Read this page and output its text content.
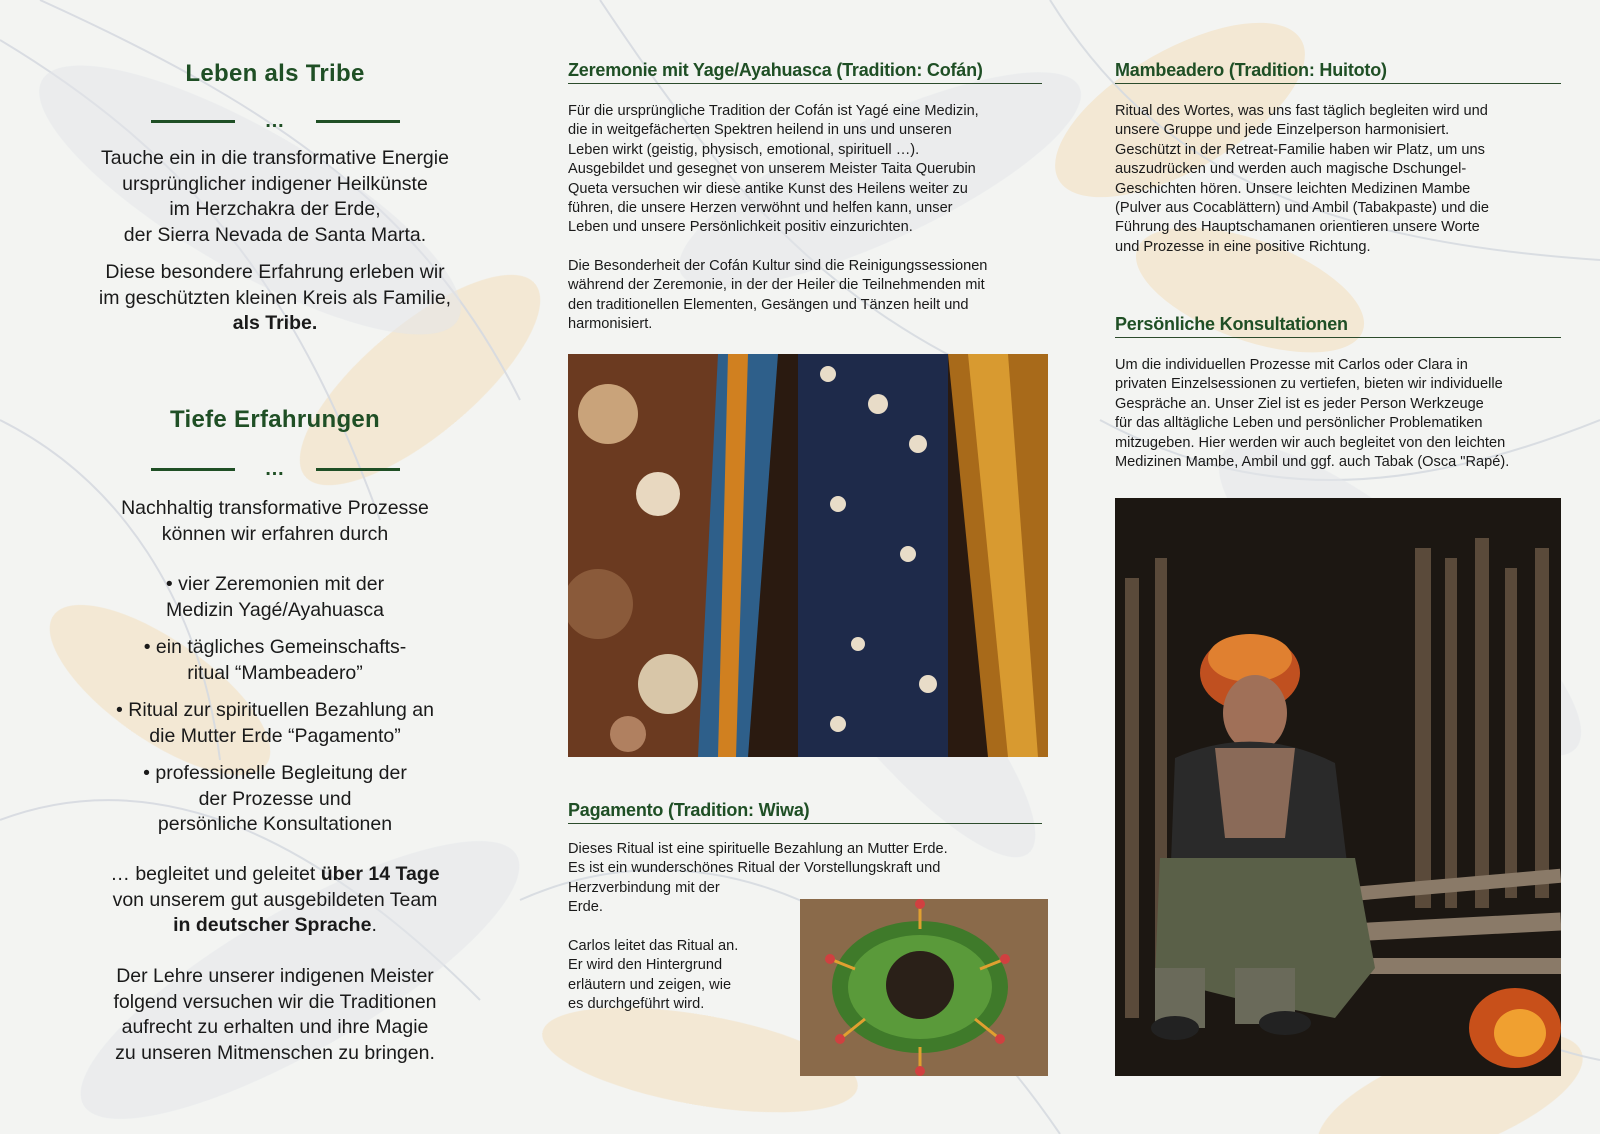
Leben als Tribe
…

Tauche ein in die transformative Energie

ursprünglicher indigener Heilkünste

im Herzchakra der Erde,

der Sierra Nevada de Santa Marta.

Diese besondere Erfahrung erleben wir

im geschützten kleinen Kreis als Familie,

als Tribe.

Tiefe Erfahrungen
…

Nachhaltig transformative Prozesse

können wir erfahren durch

• vier Zeremonien mit der

Medizin Yagé/Ayahuasca

• ein tägliches Gemeinschafts-

ritual “Mambeadero”

• Ritual zur spirituellen Bezahlung an

die Mutter Erde “Pagamento”

• professionelle Begleitung der

der Prozesse und

persönliche Konsultationen

… begleitet und geleitet über 14 Tage

von unserem gut ausgebildeten Team

in deutscher Sprache.

Der Lehre unserer indigenen Meister

folgend versuchen wir die Traditionen

aufrecht zu erhalten und ihre Magie

zu unseren Mitmenschen zu bringen.

Zeremonie mit Yage/Ayahuasca (Tradition: Cofán)

Für die ursprüngliche Tradition der Cofán ist Yagé eine Medizin,

die in weitgefächerten Spektren heilend in uns und unseren

Leben wirkt (geistig, physisch, emotional, spirituell …).

Ausgebildet und gesegnet von unserem Meister Taita Querubin

Queta versuchen wir diese antike Kunst des Heilens weiter zu

führen, die unsere Herzen verwöhnt und helfen kann, unser

Leben und unsere Persönlichkeit positiv einzurichten.

Die Besonderheit der Cofán Kultur sind die Reinigungssessionen

während der Zeremonie, in der der Heiler die Teilnehmenden mit

den traditionellen Elementen, Gesängen und Tänzen heilt und

harmonisiert.

Pagamento (Tradition: Wiwa)

Dieses Ritual ist eine spirituelle Bezahlung an Mutter Erde.

Es ist ein wunderschönes Ritual der Vorstellungskraft und

Herzverbindung mit der

Erde.

Carlos leitet das Ritual an.

Er wird den Hintergrund

erläutern und zeigen, wie

es durchgeführt wird.

Mambeadero (Tradition: Huitoto)

Ritual des Wortes, was uns fast täglich begleiten wird und

unsere Gruppe und jede Einzelperson harmonisiert.

Geschützt in der Retreat-Familie haben wir Platz, um uns

auszudrücken und werden auch magische Dschungel-

Geschichten hören. Unsere leichten Medizinen Mambe

(Pulver aus Cocablättern) und Ambil (Tabakpaste) und die

Führung des Hauptschamanen orientieren unsere Worte

und Prozesse in eine positive Richtung.

Persönliche Konsultationen

Um die individuellen Prozesse mit Carlos oder Clara in

privaten Einzelsessionen zu vertiefen, bieten wir individuelle

Gespräche an. Unser Ziel ist es jeder Person Werkzeuge

für das alltägliche Leben und persönlicher Problematiken

mitzugeben. Hier werden wir auch begleitet von den leichten

Medizinen Mambe, Ambil und ggf. auch Tabak (Osca "Rapé).
